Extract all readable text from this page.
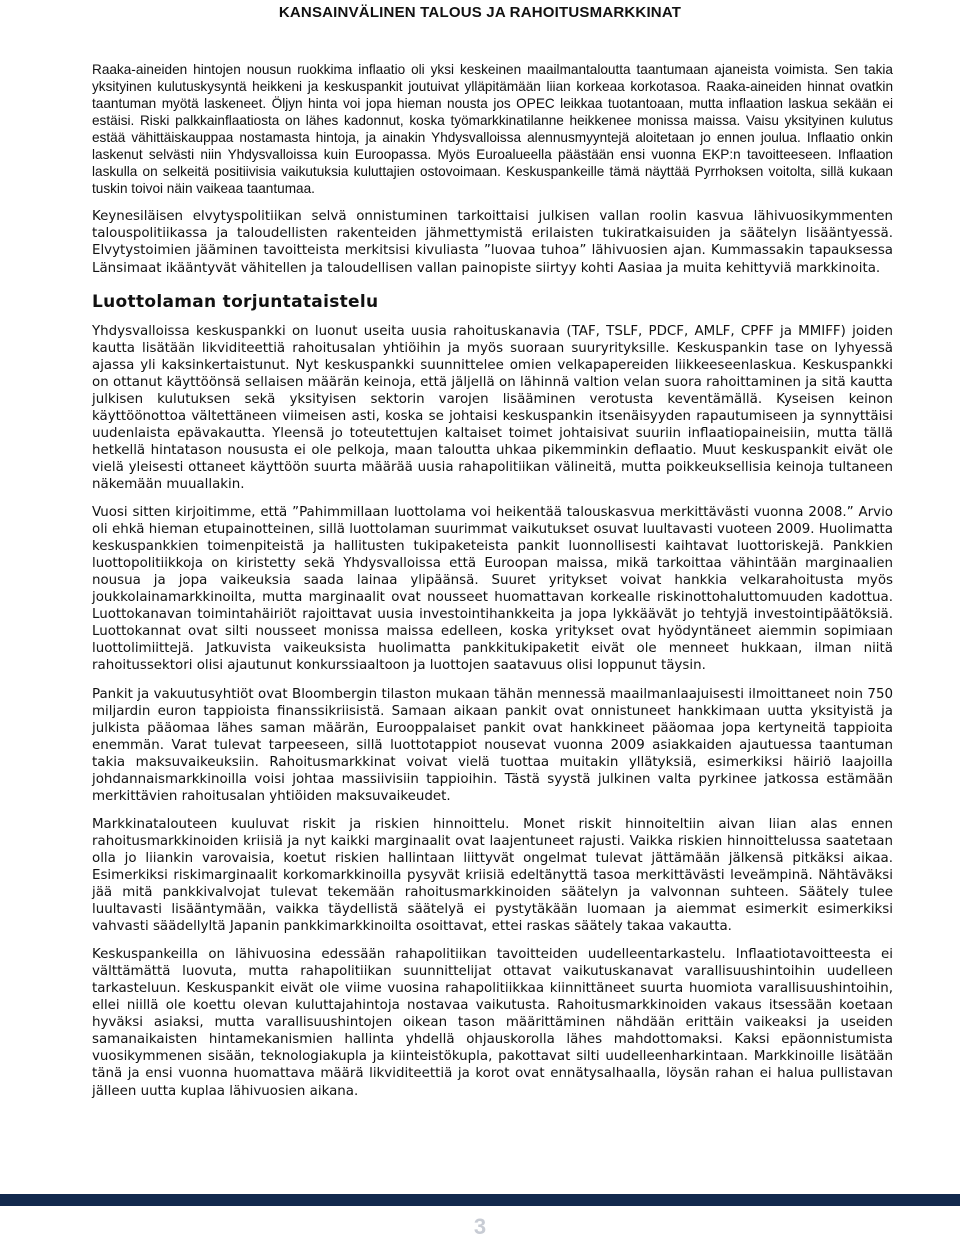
KANSAINVÄLINEN TALOUS JA RAHOITUSMARKKINAT

Raaka-aineiden hintojen nousun ruokkima inflaatio oli yksi keskeinen maailmantaloutta taantumaan ajaneista voimista. Sen takia yksityinen kulutuskysyntä heikkeni ja keskuspankit joutuivat ylläpitämään liian korkeaa korkotasoa. Raaka-aineiden hinnat ovatkin taantuman myötä laskeneet. Öljyn hinta voi jopa hieman nousta jos OPEC leikkaa tuotantoaan, mutta inflaation laskua sekään ei estäisi. Riski palkkainflaatiosta on lähes kadonnut, koska työmarkkinatilanne heikkenee monissa maissa. Vaisu yksityinen kulutus estää vähittäiskauppaa nostamasta hintoja, ja ainakin Yhdysvalloissa alennusmyyntejä aloitetaan jo ennen joulua. Inflaatio onkin laskenut selvästi niin Yhdysvalloissa kuin Euroopassa. Myös Euroalueella päästään ensi vuonna EKP:n tavoitteeseen. Inflaation laskulla on selkeitä positiivisia vaikutuksia kuluttajien ostovoimaan. Keskuspankeille tämä näyttää Pyrrhoksen voitolta, sillä kukaan tuskin toivoi näin vaikeaa taantumaa.

Keynesiläisen elvytyspolitiikan selvä onnistuminen tarkoittaisi julkisen vallan roolin kasvua lähivuosikymmenten talouspolitiikassa ja taloudellisten rakenteiden jähmettymistä erilaisten tukiratkaisuiden ja säätelyn lisääntyessä. Elvytystoimien jääminen tavoitteista merkitsisi kivuliasta ”luovaa tuhoa” lähivuosien ajan. Kummassakin tapauksessa Länsimaat ikääntyvät vähitellen ja taloudellisen vallan painopiste siirtyy kohti Aasiaa ja muita kehittyviä markkinoita.

Luottolaman torjuntataistelu

Yhdysvalloissa keskuspankki on luonut useita uusia rahoituskanavia (TAF, TSLF, PDCF, AMLF, CPFF ja MMIFF) joiden kautta lisätään likviditeettiä rahoitusalan yhtiöihin ja myös suoraan suuryrityksille. Keskuspankin tase on lyhyessä ajassa yli kaksinkertaistunut. Nyt keskuspankki suunnittelee omien velkapapereiden liikkeeseenlaskua. Keskuspankki on ottanut käyttöönsä sellaisen määrän keinoja, että jäljellä on lähinnä valtion velan suora rahoittaminen ja sitä kautta julkisen kulutuksen sekä yksityisen sektorin varojen lisääminen verotusta keventämällä. Kyseisen keinon käyttöönottoa vältettäneen viimeisen asti, koska se johtaisi keskuspankin itsenäisyyden rapautumiseen ja synnyttäisi uudenlaista epävakautta. Yleensä jo toteutettujen kaltaiset toimet johtaisivat suuriin inflaatiopaineisiin, mutta tällä hetkellä hintatason noususta ei ole pelkoja, maan taloutta uhkaa pikemminkin deflaatio. Muut keskuspankit eivät ole vielä yleisesti ottaneet käyttöön suurta määrää uusia rahapolitiikan välineitä, mutta poikkeuksellisia keinoja tultaneen näkemään muuallakin.

Vuosi sitten kirjoitimme, että ”Pahimmillaan luottolama voi heikentää talouskasvua merkittävästi vuonna 2008.” Arvio oli ehkä hieman etupainotteinen, sillä luottolaman suurimmat vaikutukset osuvat luultavasti vuoteen 2009. Huolimatta keskuspankkien toimenpiteistä ja hallitusten tukipaketeista pankit luonnollisesti kaihtavat luottoriskejä. Pankkien luottopolitiikkoja on kiristetty sekä Yhdysvalloissa että Euroopan maissa, mikä tarkoittaa vähintään marginaalien nousua ja jopa vaikeuksia saada lainaa ylipäänsä. Suuret yritykset voivat hankkia velkarahoitusta myös joukkolainamarkkinoilta, mutta marginaalit ovat nousseet huomattavan korkealle riskinottohaluttomuuden kadottua. Luottokanavan toimintahäiriöt rajoittavat uusia investointihankkeita ja jopa lykkäävät jo tehtyjä investointipäätöksiä. Luottokannat ovat silti nousseet monissa maissa edelleen, koska yritykset ovat hyödyntäneet aiemmin sopimiaan luottolimiittejä. Jatkuvista vaikeuksista huolimatta pankkitukipaketit eivät ole menneet hukkaan, ilman niitä rahoitussektori olisi ajautunut konkurssiaaltoon ja luottojen saatavuus olisi loppunut täysin.

Pankit ja vakuutusyhtiöt ovat Bloombergin tilaston mukaan tähän mennessä maailmanlaajuisesti ilmoittaneet noin 750 miljardin euron tappioista finanssikriisistä. Samaan aikaan pankit ovat onnistuneet hankkimaan uutta yksityistä ja julkista pääomaa lähes saman määrän, Eurooppalaiset pankit ovat hankkineet pääomaa jopa kertyneitä tappioita enemmän. Varat tulevat tarpeeseen, sillä luottotappiot nousevat vuonna 2009 asiakkaiden ajautuessa taantuman takia maksuvaikeuksiin. Rahoitusmarkkinat voivat vielä tuottaa muitakin yllätyksiä, esimerkiksi häiriö laajoilla johdannaismarkkinoilla voisi johtaa massiivisiin tappioihin. Tästä syystä julkinen valta pyrkinee jatkossa estämään merkittävien rahoitusalan yhtiöiden maksuvaikeudet.

Markkinatalouteen kuuluvat riskit ja riskien hinnoittelu. Monet riskit hinnoiteltiin aivan liian alas ennen rahoitusmarkkinoiden kriisiä ja nyt kaikki marginaalit ovat laajentuneet rajusti. Vaikka riskien hinnoittelussa saatetaan olla jo liiankin varovaisia, koetut riskien hallintaan liittyvät ongelmat tulevat jättämään jälkensä pitkäksi aikaa. Esimerkiksi riskimarginaalit korkomarkkinoilla pysyvät kriisiä edeltänyttä tasoa merkittävästi leveämpinä. Nähtäväksi jää mitä pankkivalvojat tulevat tekemään rahoitusmarkkinoiden säätelyn ja valvonnan suhteen. Säätely tulee luultavasti lisääntymään, vaikka täydellistä säätelyä ei pystytäkään luomaan ja aiemmat esimerkit esimerkiksi vahvasti säädellyltä Japanin pankkimarkkinoilta osoittavat, ettei raskas säätely takaa vakautta.

Keskuspankeilla on lähivuosina edessään rahapolitiikan tavoitteiden uudelleentarkastelu. Inflaatiotavoitteesta ei välttämättä luovuta, mutta rahapolitiikan suunnittelijat ottavat vaikutuskanavat varallisuushintoihin uudelleen tarkasteluun. Keskuspankit eivät ole viime vuosina rahapolitiikkaa kiinnittäneet suurta huomiota varallisuushintoihin, ellei niillä ole koettu olevan kuluttajahintoja nostavaa vaikutusta. Rahoitusmarkkinoiden vakaus itsessään koetaan hyväksi asiaksi, mutta varallisuushintojen oikean tason määrittäminen nähdään erittäin vaikeaksi ja useiden samanaikaisten hintamekanismien hallinta yhdellä ohjauskorolla lähes mahdottomaksi. Kaksi epäonnistumista vuosikymmenen sisään, teknologiakupla ja kiinteistökupla, pakottavat silti uudelleenharkintaan. Markkinoille lisätään tänä ja ensi vuonna huomattava määrä likviditeettiä ja korot ovat ennätysalhaalla, löysän rahan ei halua pullistavan jälleen uutta kuplaa lähivuosien aikana.

3
